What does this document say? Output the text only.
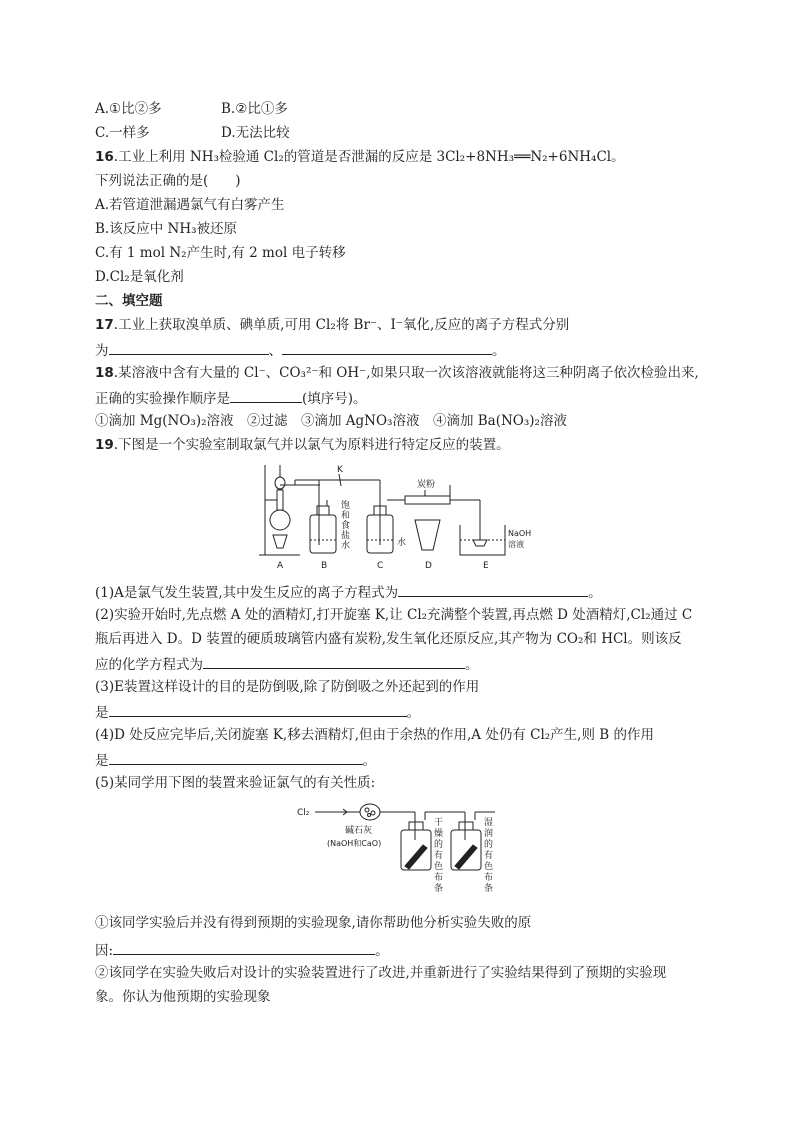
A.①比②多	B.②比①多
C.一样多	D.无法比较
16.工业上利用 NH₃检验通 Cl₂的管道是否泄漏的反应是 3Cl₂+8NH₃══N₂+6NH₄Cl。
下列说法正确的是(　　)
A.若管道泄漏遇氯气有白雾产生
B.该反应中 NH₃被还原
C.有 1 mol N₂产生时,有 2 mol 电子转移
D.Cl₂是氧化剂
二、填空题
17.工业上获取溴单质、碘单质,可用 Cl₂将 Br⁻、I⁻氧化,反应的离子方程式分别
为	、	。
18.某溶液中含有大量的 Cl⁻、CO₃²⁻和 OH⁻,如果只取一次该溶液就能将这三种阴离子依次检验出来,
正确的实验操作顺序是	(填序号)。
①滴加 Mg(NO₃)₂溶液　②过滤　③滴加 AgNO₃溶液　④滴加 Ba(NO₃)₂溶液
19.下图是一个实验室制取氯气并以氯气为原料进行特定反应的装置。
K
炭粉
饱
和
食
盐
水	水
NaOH
溶液
A	B	C	D	E
(1)A是氯气发生装置,其中发生反应的离子方程式为	。
(2)实验开始时,先点燃 A 处的酒精灯,打开旋塞 K,让 Cl₂充满整个装置,再点燃 D 处酒精灯,Cl₂通过 C
瓶后再进入 D。D 装置的硬质玻璃管内盛有炭粉,发生氧化还原反应,其产物为 CO₂和 HCl。则该反
应的化学方程式为	。
(3)E装置这样设计的目的是防倒吸,除了防倒吸之外还起到的作用
是	。
(4)D 处反应完毕后,关闭旋塞 K,移去酒精灯,但由于余热的作用,A 处仍有 Cl₂产生,则 B 的作用
是	。
(5)某同学用下图的装置来验证氯气的有关性质:
Cl₂
碱石灰
(NaOH和CaO)
干
燥
的
有
色
布
条
湿
润
的
有
色
布
条
①该同学实验后并没有得到预期的实验现象,请你帮助他分析实验失败的原
因:	。
②该同学在实验失败后对设计的实验装置进行了改进,并重新进行了实验结果得到了预期的实验现
象。你认为他预期的实验现象
